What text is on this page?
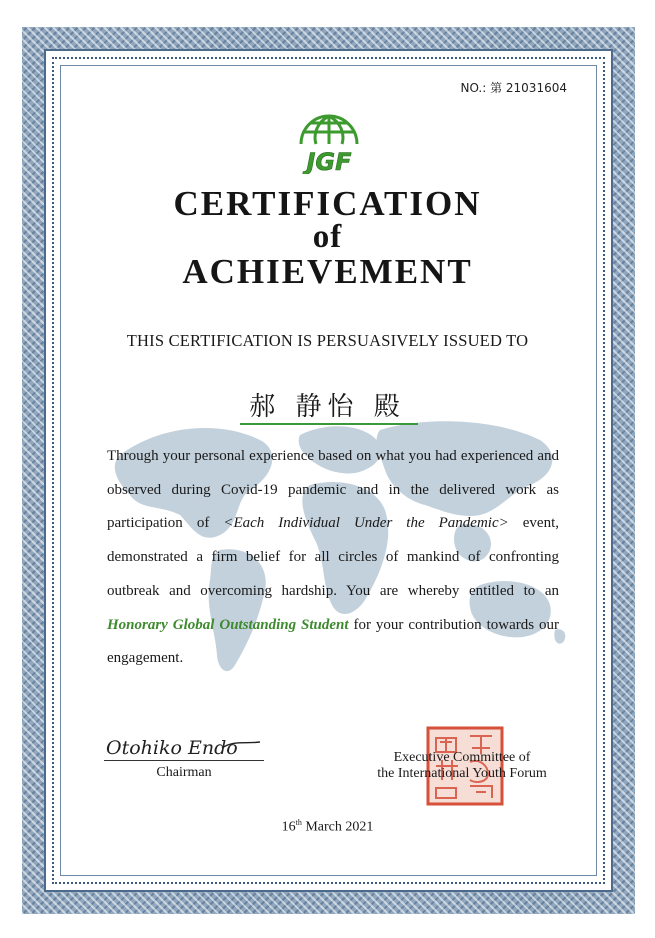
NO.: 第 21031604
JGF
CERTIFICATION
of
ACHIEVEMENT
THIS CERTIFICATION IS PERSUASIVELY ISSUED TO
郝 静怡 殿

Through your personal experience based on what you had experienced and observed during Covid-19 pandemic and in the delivered work as participation of <Each Individual Under the Pandemic> event, demonstrated a firm belief for all circles of mankind of confronting outbreak and overcoming hardship. You are whereby entitled to an Honorary Global Outstanding Student for your contribution towards our engagement.

Otohiko Endo
Chairman
Executive Committee of
the International Youth Forum
16th March 2021
